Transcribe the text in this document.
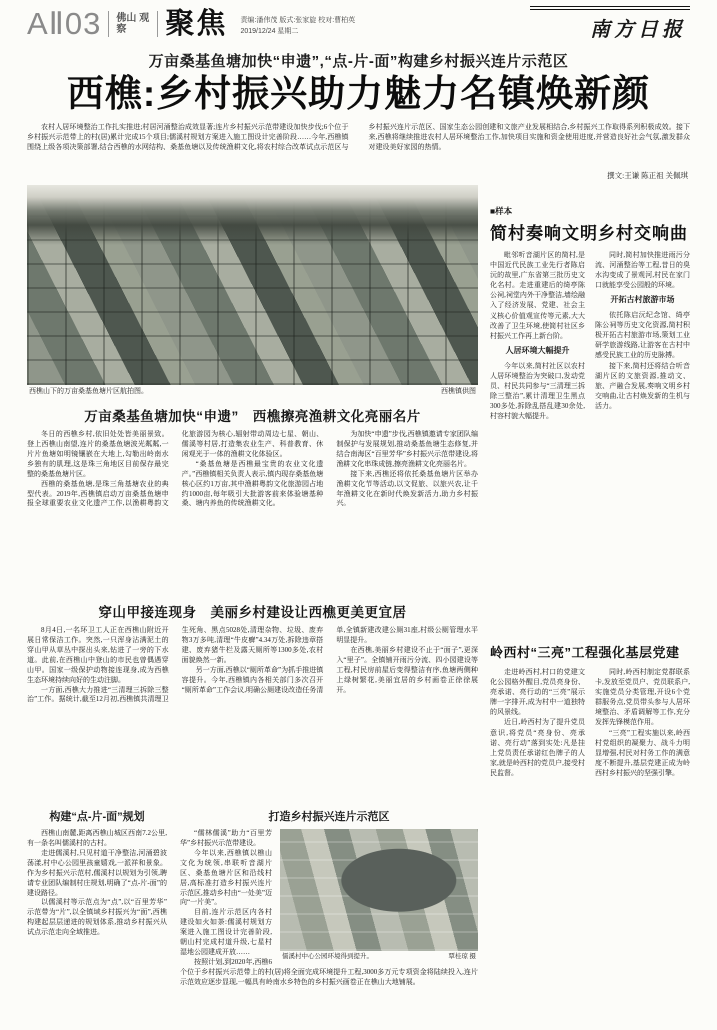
AⅡ03 佛山 观察	聚焦 责编:潘伟茂 版式:张家旋 校对:曹柏英
2019/12/24 星期二	南方日报
万亩桑基鱼塘加快“申遗”,“点-片-面”构建乡村振兴连片示范区
西樵:乡村振兴助力魅力名镇焕新颜

农村人居环境整治工作扎实推进;村居河涌整治成效显著;连片乡村振兴示范带建设加快步伐;6个位于乡村振兴示范带上的村(居)累计完成15个项目;儒溪村规划方案进入施工图设计完善阶段……今年,西樵镇围绕上级各项决策部署,结合西樵的水网结构、桑基鱼塘以及传统渔耕文化,将农村综合改革试点示范区与乡村振兴连片示范区、国家生态公园创建和文旅产业发展相结合,乡村振兴工作取得系列积极成效。接下来,西樵将继续推进农村人居环境整治工作,加快项目实施和资金使用进度,并营造良好社会气氛,激发群众对建设美好家园的热情。

撰文:王谦 陈正祖 关佩琪
西樵山下的万亩桑基鱼塘片区航拍图。	西樵镇供图
万亩桑基鱼塘加快“申遗”　西樵擦亮渔耕文化亮丽名片

冬日的西樵乡村,依旧处处皆美丽景致。登上西樵山南望,连片的桑基鱼塘波光粼粼,一片片鱼塘如明镜镶嵌在大地上,勾勒出岭南水乡独有的肌理,这是珠三角地区目前保存最完整的桑基鱼塘片区。

西樵的桑基鱼塘,是珠三角基塘农业的典型代表。2019年,西樵镇启动万亩桑基鱼塘申报全球重要农业文化遗产工作,以渔耕粤韵文化旅游园为核心,辐射带动周边七星、朝山、儒溪等村居,打造集农业生产、科普教育、休闲观光于一体的渔耕文化体验区。

“桑基鱼塘是西樵最宝贵的农业文化遗产。”西樵镇相关负责人表示,镇内现存桑基鱼塘核心区约1万亩,其中渔耕粤韵文化旅游园占地约1000亩,每年吸引大批游客前来体验塘基种桑、塘内养鱼的传统渔耕文化。

为加快“申遗”步伐,西樵镇邀请专家团队编制保护与发展规划,推动桑基鱼塘生态修复,并结合南海区“百里芳华”乡村振兴示范带建设,将渔耕文化串珠成链,擦亮渔耕文化亮丽名片。

接下来,西樵还将依托桑基鱼塘片区举办渔耕文化节等活动,以文促旅、以旅兴农,让千年渔耕文化在新时代焕发新活力,助力乡村振兴。

穿山甲接连现身　美丽乡村建设让西樵更美更宜居

8月4日,一名环卫工人正在西樵山附近开展日常保洁工作。突然,一只浑身沾满泥土的穿山甲从草丛中探出头来,钻进了一旁的下水道。此前,在西樵山中登山的市民也曾偶遇穿山甲。国家一级保护动物接连现身,成为西樵生态环境持续向好的生动注脚。

一方面,西樵大力推进“三清理三拆除三整治”工作。据统计,截至12月初,西樵镇共清理卫生死角、黑点5028处,清理杂物、垃圾、废弃物3万多吨,清理“牛皮癣”4.34万处,拆除违章搭建、废弃猪牛栏及露天厕所等1300多处,农村面貌焕然一新。

另一方面,西樵以“厕所革命”为抓手推进镇容提升。今年,西樵镇内各相关部门多次召开“厕所革命”工作会议,明确公厕建设改造任务清单,全镇新建改建公厕31座,村级公厕管理水平明显提升。

在西樵,美丽乡村建设不止于“面子”,更深入“里子”。全镇铺开雨污分流、四小园建设等工程,村民房前屋后变得整洁有序,鱼塘两侧种上绿树繁花,美丽宜居的乡村画卷正徐徐展开。

构建“点-片-面”规划

西樵山南麓,距离西樵山城区西南7.2公里,有一条名叫儒溪村的古村。

走进儒溪村,只见村道干净整洁,河涌碧波荡漾,村中心公园里孩童嬉戏,一派祥和景象。作为乡村振兴示范村,儒溪村以规划为引领,聘请专业团队编制村庄规划,明确了“点-片-面”的建设路径。

以儒溪村等示范点为“点”,以“百里芳华”示范带为“片”,以全镇域乡村振兴为“面”,西樵构建起层层递进的规划体系,推动乡村振兴从试点示范走向全域推进。

打造乡村振兴连片示范区
儒溪村中心公园环境得到提升。	覃桂琼 摄

“儒林儒溪”助力“百里芳华”乡村振兴示范带建设。

今年以来,西樵镇以樵山文化为统领,串联听音湖片区、桑基鱼塘片区和沿线村居,高标准打造乡村振兴连片示范区,推动乡村由“一处美”迈向“一片美”。

目前,连片示范区内各村建设如火如荼:儒溪村规划方案进入施工图设计完善阶段,朝山村完成村道升级,七星村湿地公园建成开放……

按照计划,到2020年,西樵6个位于乡村振兴示范带上的村(居)将全面完成环境提升工程,3000多万元专项资金将陆续投入,连片示范效应逐步显现,一幅具有岭南水乡特色的乡村振兴画卷正在樵山大地铺展。

■样本
简村奏响文明乡村交响曲

毗邻听音湖片区的简村,是中国近代民族工业先行者陈启沅的故里,广东省第三批历史文化名村。走进重建后的绮亭陈公祠,祠堂内外干净整洁,墙绘融入了经济发展、党建、社会主义核心价值观宣传等元素,大大改善了卫生环境,使简村社区乡村振兴工作再上新台阶。

人居环境大幅提升

今年以来,简村社区以农村人居环境整治为突破口,发动党员、村民共同参与“三清理三拆除三整治”,累计清理卫生黑点300多处,拆除乱搭乱建30余处,村容村貌大幅提升。

同时,简村加快推进雨污分流、河涌整治等工程,昔日的臭水沟变成了景观河,村民在家门口就能享受公园般的环境。

开拓古村旅游市场

依托陈启沅纪念馆、绮亭陈公祠等历史文化资源,简村积极开拓古村旅游市场,策划工业研学旅游线路,让游客在古村中感受民族工业的历史脉搏。

接下来,简村还将结合听音湖片区的文旅资源,推动文、旅、产融合发展,奏响文明乡村交响曲,让古村焕发新的生机与活力。

岭西村“三亮”工程强化基层党建

走进岭西村,村口的党建文化公园格外醒目,党员亮身份、亮承诺、亮行动的“三亮”展示牌一字排开,成为村中一道独特的风景线。

近日,岭西村为了提升党员意识,将党员“亮身份、亮承诺、亮行动”落到实处:凡是挂上党员责任承诺红色牌子的人家,就是岭西村的党员户,接受村民监督。

同时,岭西村制定党群联系卡,发放至党员户、党员联系户,实施党员分类管理,开设6个党群服务点,党员带头参与人居环境整治、矛盾调解等工作,充分发挥先锋模范作用。

“三亮”工程实施以来,岭西村党组织的凝聚力、战斗力明显增强,村民对村务工作的满意度不断提升,基层党建正成为岭西村乡村振兴的坚强引擎。
